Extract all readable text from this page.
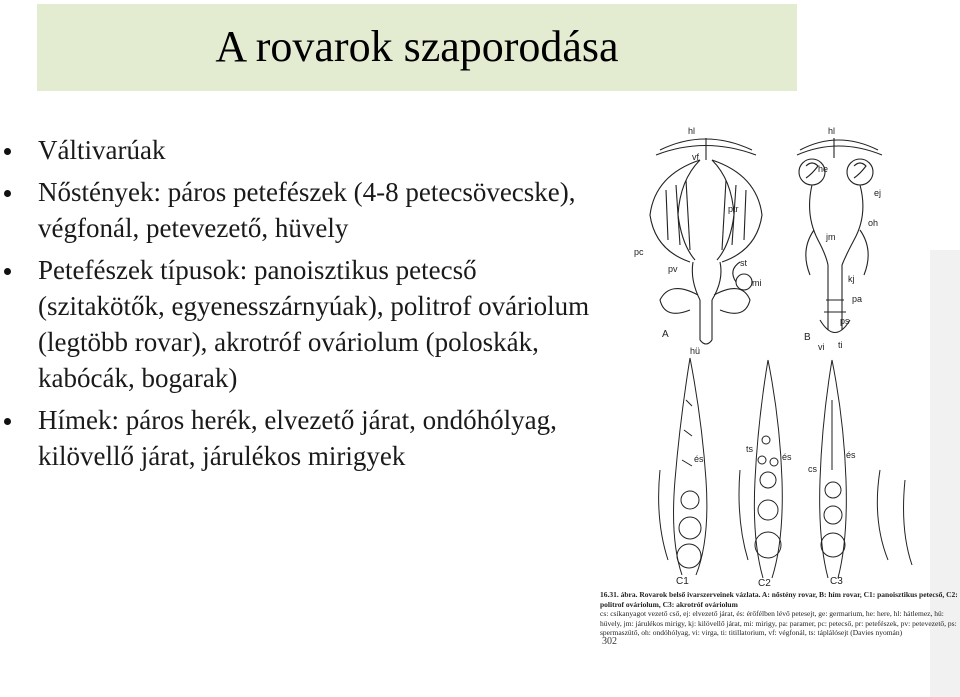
A rovarok szaporodása
Váltivarúak
Nőstények: páros petefészek (4-8 petecsövecske), végfonál, petevezető, hüvely
Petefészek típusok: panoisztikus petecső (szitakötők, egyenesszárnyúak), politrof ováriolum (legtöbb rovar), akrotróf ováriolum (poloskák, kabócák, bogarak)
Hímek: páros herék, elvezető járat, ondóhólyag, kilövellő járat, járulékos mirigyek
hl
vf
pc
pv
st
mi
A
hü
ptr
hl
he
ej
oh
jm
kj
pa
ps
B
vi ti
és
ts
és
cs
és
C1	C2	C3
16.31. ábra. Rovarok belső ivarszerveinek vázlata. A: nőstény rovar, B: hím rovar, C1: panoisztikus petecső, C2: politrof ováriolum, C3: akrotróf ováriolum
cs: csíkanyagot vezető cső, ej: elvezető járat, és: érőfélben lévő petesejt, ge: germarium, he: here, hl: hátlemez, hü: hüvely, jm: járulékos mirigy, kj: kilövellő járat, mi: mirigy, pa: paramer, pc: petecső, pr: petefészek, pv: petevezető, ps: spermaszütő, oh: ondóhólyag, vi: virga, ti: titillatorium, vf: végfonál, ts: táplálósejt (Davies nyomán)
302
